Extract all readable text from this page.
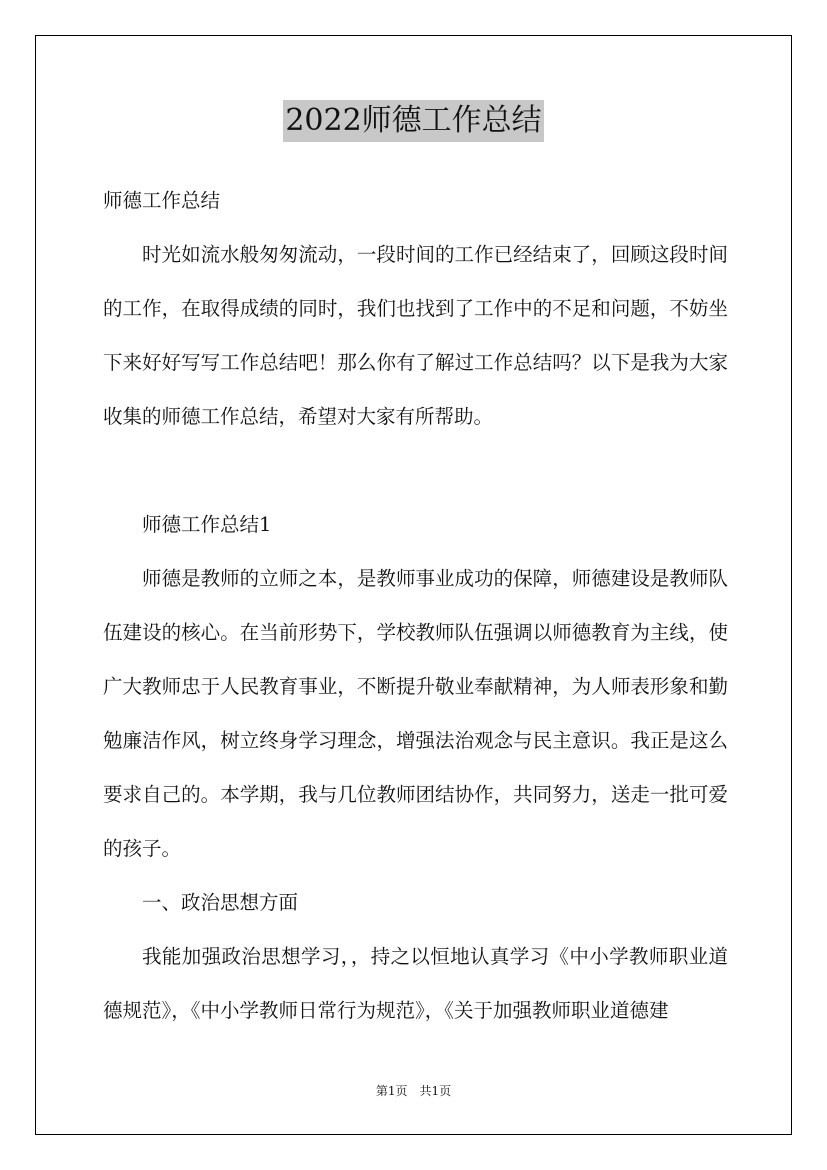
2022师德工作总结

师德工作总结

时光如流水般匆匆流动，一段时间的工作已经结束了，回顾这段时间的工作，在取得成绩的同时，我们也找到了工作中的不足和问题，不妨坐下来好好写写工作总结吧！那么你有了解过工作总结吗？以下是我为大家收集的师德工作总结，希望对大家有所帮助。

师德工作总结1

师德是教师的立师之本，是教师事业成功的保障，师德建设是教师队伍建设的核心。在当前形势下，学校教师队伍强调以师德教育为主线，使广大教师忠于人民教育事业，不断提升敬业奉献精神，为人师表形象和勤勉廉洁作风，树立终身学习理念，增强法治观念与民主意识。我正是这么要求自己的。本学期，我与几位教师团结协作，共同努力，送走一批可爱的孩子。

一、政治思想方面

我能加强政治思想学习，，持之以恒地认真学习《中小学教师职业道德规范》，《中小学教师日常行为规范》，《关于加强教师职业道德建

第1页　共1页
